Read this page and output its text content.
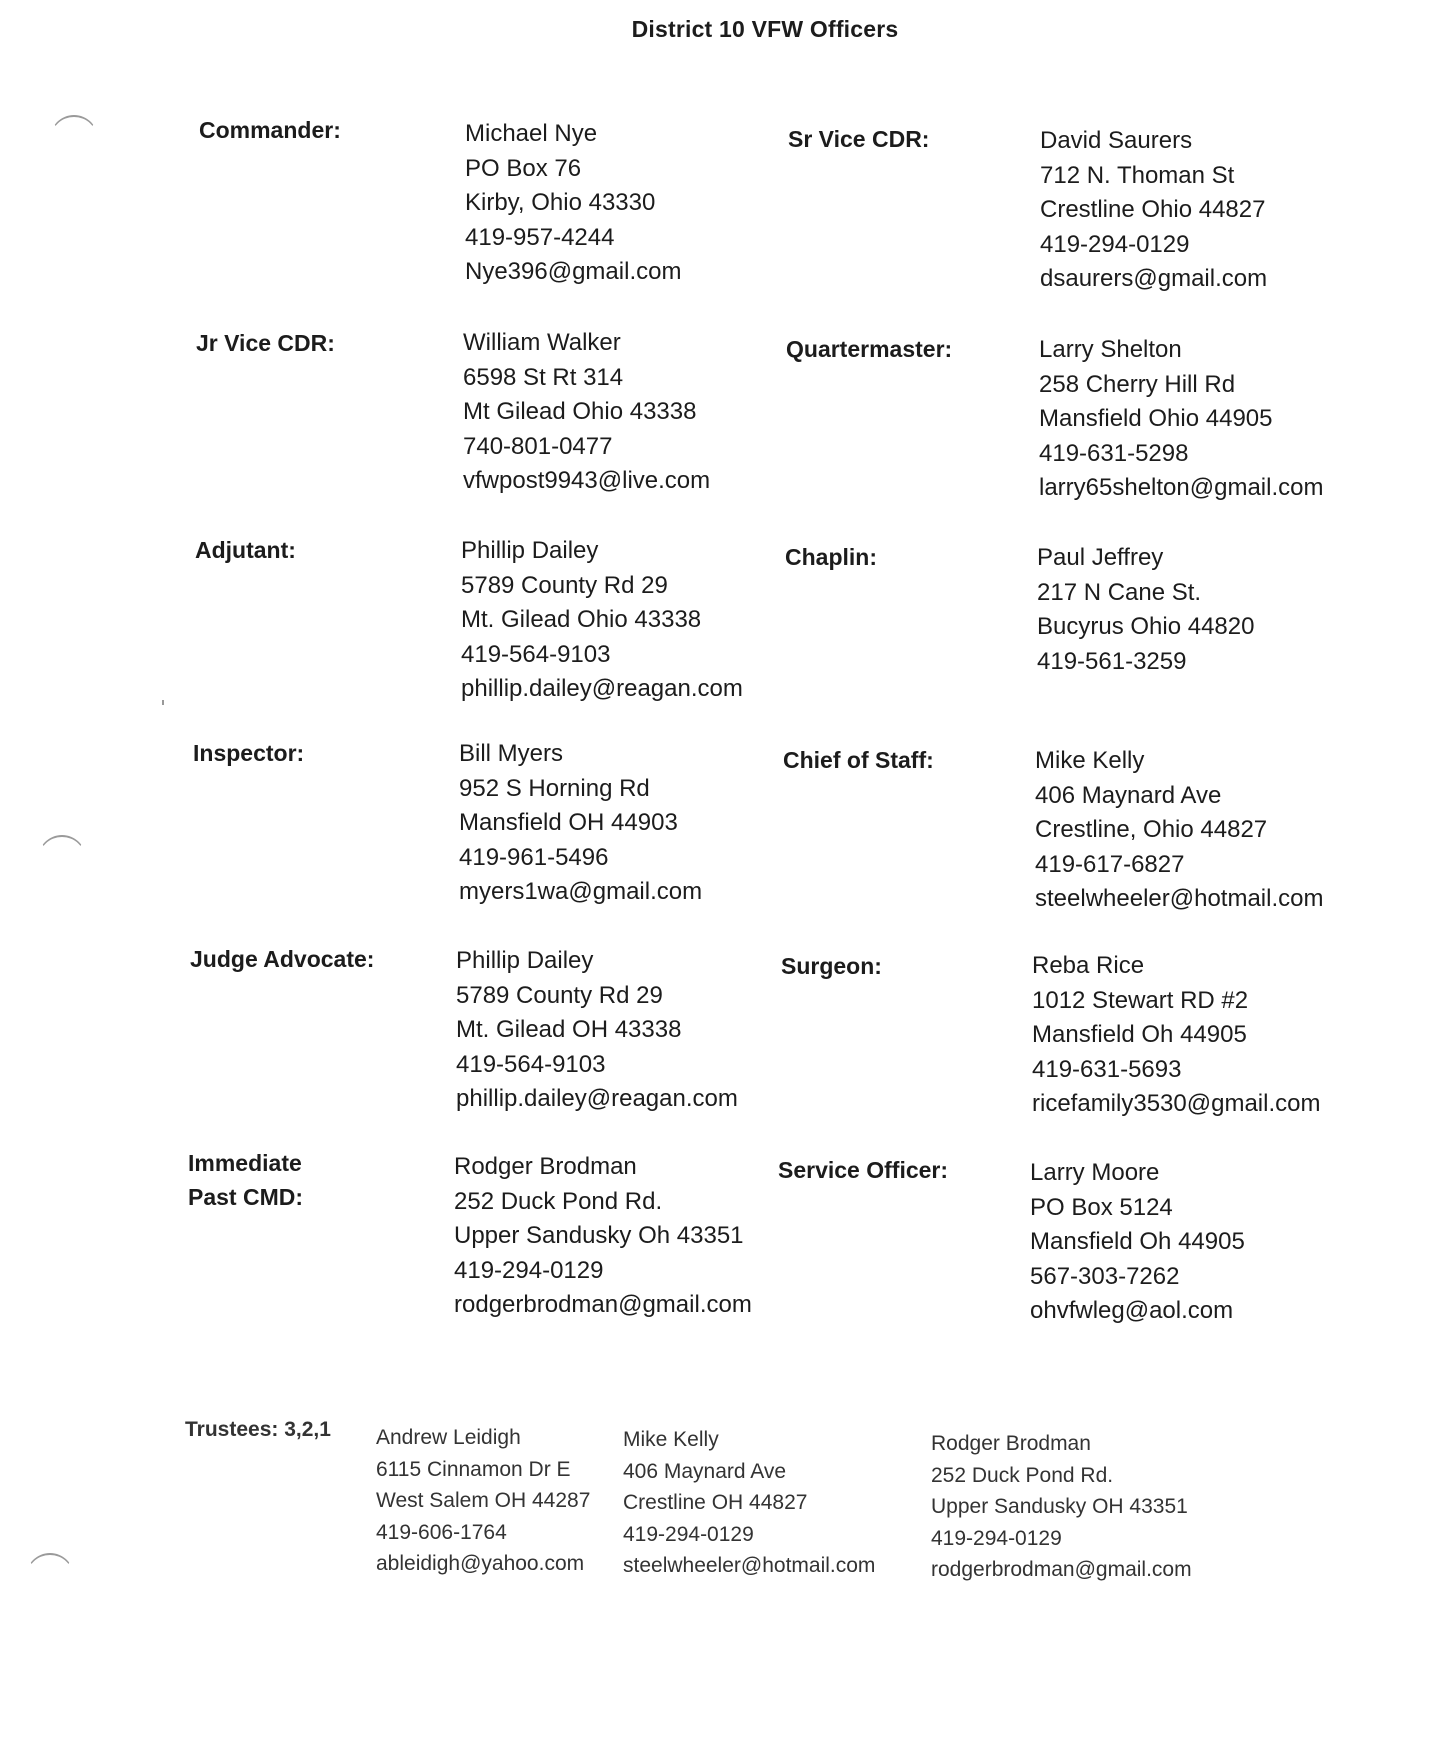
District 10 VFW Officers
Commander:	Michael Nye
PO Box 76
Kirby, Ohio 43330
419-957-4244
Nye396@gmail.com
Sr Vice CDR:	David Saurers
712 N. Thoman St
Crestline Ohio 44827
419-294-0129
dsaurers@gmail.com
Jr Vice CDR:	William Walker
6598 St Rt 314
Mt Gilead Ohio 43338
740-801-0477
vfwpost9943@live.com
Quartermaster:	Larry Shelton
258 Cherry Hill Rd
Mansfield Ohio 44905
419-631-5298
larry65shelton@gmail.com
Adjutant:	Phillip Dailey
5789 County Rd 29
Mt. Gilead Ohio 43338
419-564-9103
phillip.dailey@reagan.com
Chaplin:	Paul Jeffrey
217 N Cane St.
Bucyrus Ohio 44820
419-561-3259
Inspector:	Bill Myers
952 S Horning Rd
Mansfield OH 44903
419-961-5496
myers1wa@gmail.com
Chief of Staff:	Mike Kelly
406 Maynard Ave
Crestline, Ohio 44827
419-617-6827
steelwheeler@hotmail.com
Judge Advocate:	Phillip Dailey
5789 County Rd 29
Mt. Gilead OH 43338
419-564-9103
phillip.dailey@reagan.com
Surgeon:	Reba Rice
1012 Stewart RD #2
Mansfield Oh 44905
419-631-5693
ricefamily3530@gmail.com
Immediate
Past CMD:
Rodger Brodman
252 Duck Pond Rd.
Upper Sandusky Oh 43351
419-294-0129
rodgerbrodman@gmail.com
Service Officer:	Larry Moore
PO Box 5124
Mansfield Oh 44905
567-303-7262
ohvfwleg@aol.com
Trustees: 3,2,1 Andrew Leidigh
6115 Cinnamon Dr E
West Salem OH 44287
419-606-1764
ableidigh@yahoo.com
Mike Kelly
406 Maynard Ave
Crestline OH 44827
419-294-0129
steelwheeler@hotmail.com
Rodger Brodman
252 Duck Pond Rd.
Upper Sandusky OH 43351
419-294-0129
rodgerbrodman@gmail.com
